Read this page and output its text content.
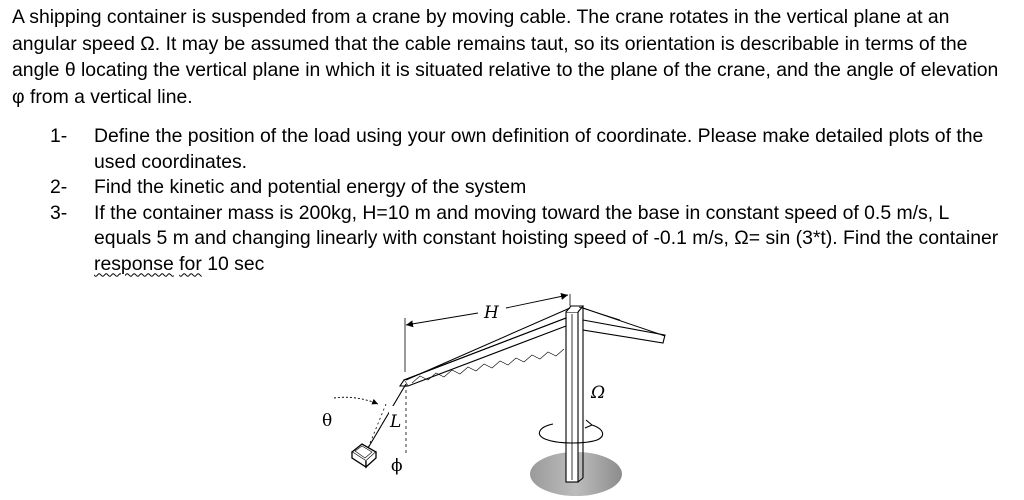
A shipping container is suspended from a crane by moving cable. The crane rotates in the vertical plane at an angular speed Ω. It may be assumed that the cable remains taut, so its orientation is describable in terms of the angle θ locating the vertical plane in which it is situated relative to the plane of the crane, and the angle of elevation φ from a vertical line.

1- Define the position of the load using your own definition of coordinate. Please make detailed plots of the used coordinates.
2- Find the kinetic and potential energy of the system
3- If the container mass is 200kg, H=10 m and moving toward the base in constant speed of 0.5 m/s, L equals 5 m and changing linearly with constant hoisting speed of -0.1 m/s, Ω= sin (3*t). Find the container response for 10 sec
H
Ω
θ	L
ϕ
